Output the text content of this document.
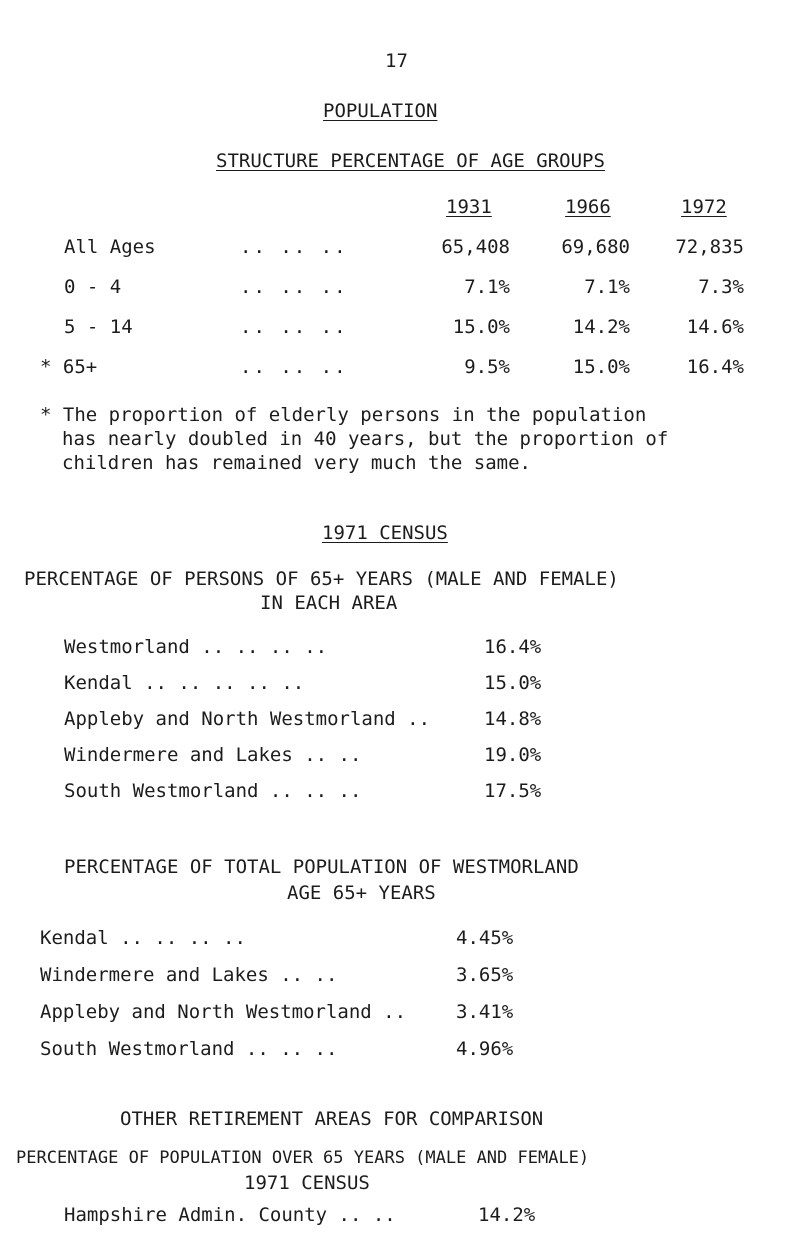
17
POPULATION
STRUCTURE PERCENTAGE OF AGE GROUPS
1931	1966	1972
All Ages	.. .. ..	65,408	69,680	72,835
0 - 4	.. .. ..	7.1%	7.1%	7.3%
5 - 14	.. .. ..	15.0%	14.2%	14.6%
* 65+	.. .. ..	9.5%	15.0%	16.4%
* The proportion of elderly persons in the population
has nearly doubled in 40 years, but the proportion of
children has remained very much the same.
1971 CENSUS
PERCENTAGE OF PERSONS OF 65+ YEARS (MALE AND FEMALE)
IN EACH AREA
Westmorland .. .. .. ..	16.4%
Kendal .. .. .. .. ..	15.0%
Appleby and North Westmorland ..	14.8%
Windermere and Lakes .. ..	19.0%
South Westmorland .. .. ..	17.5%
PERCENTAGE OF TOTAL POPULATION OF WESTMORLAND
AGE 65+ YEARS
Kendal .. .. .. ..	4.45%
Windermere and Lakes .. ..	3.65%
Appleby and North Westmorland ..	3.41%
South Westmorland .. .. ..	4.96%
OTHER RETIREMENT AREAS FOR COMPARISON
PERCENTAGE OF POPULATION OVER 65 YEARS (MALE AND FEMALE)
1971 CENSUS
Hampshire Admin. County .. ..	14.2%
